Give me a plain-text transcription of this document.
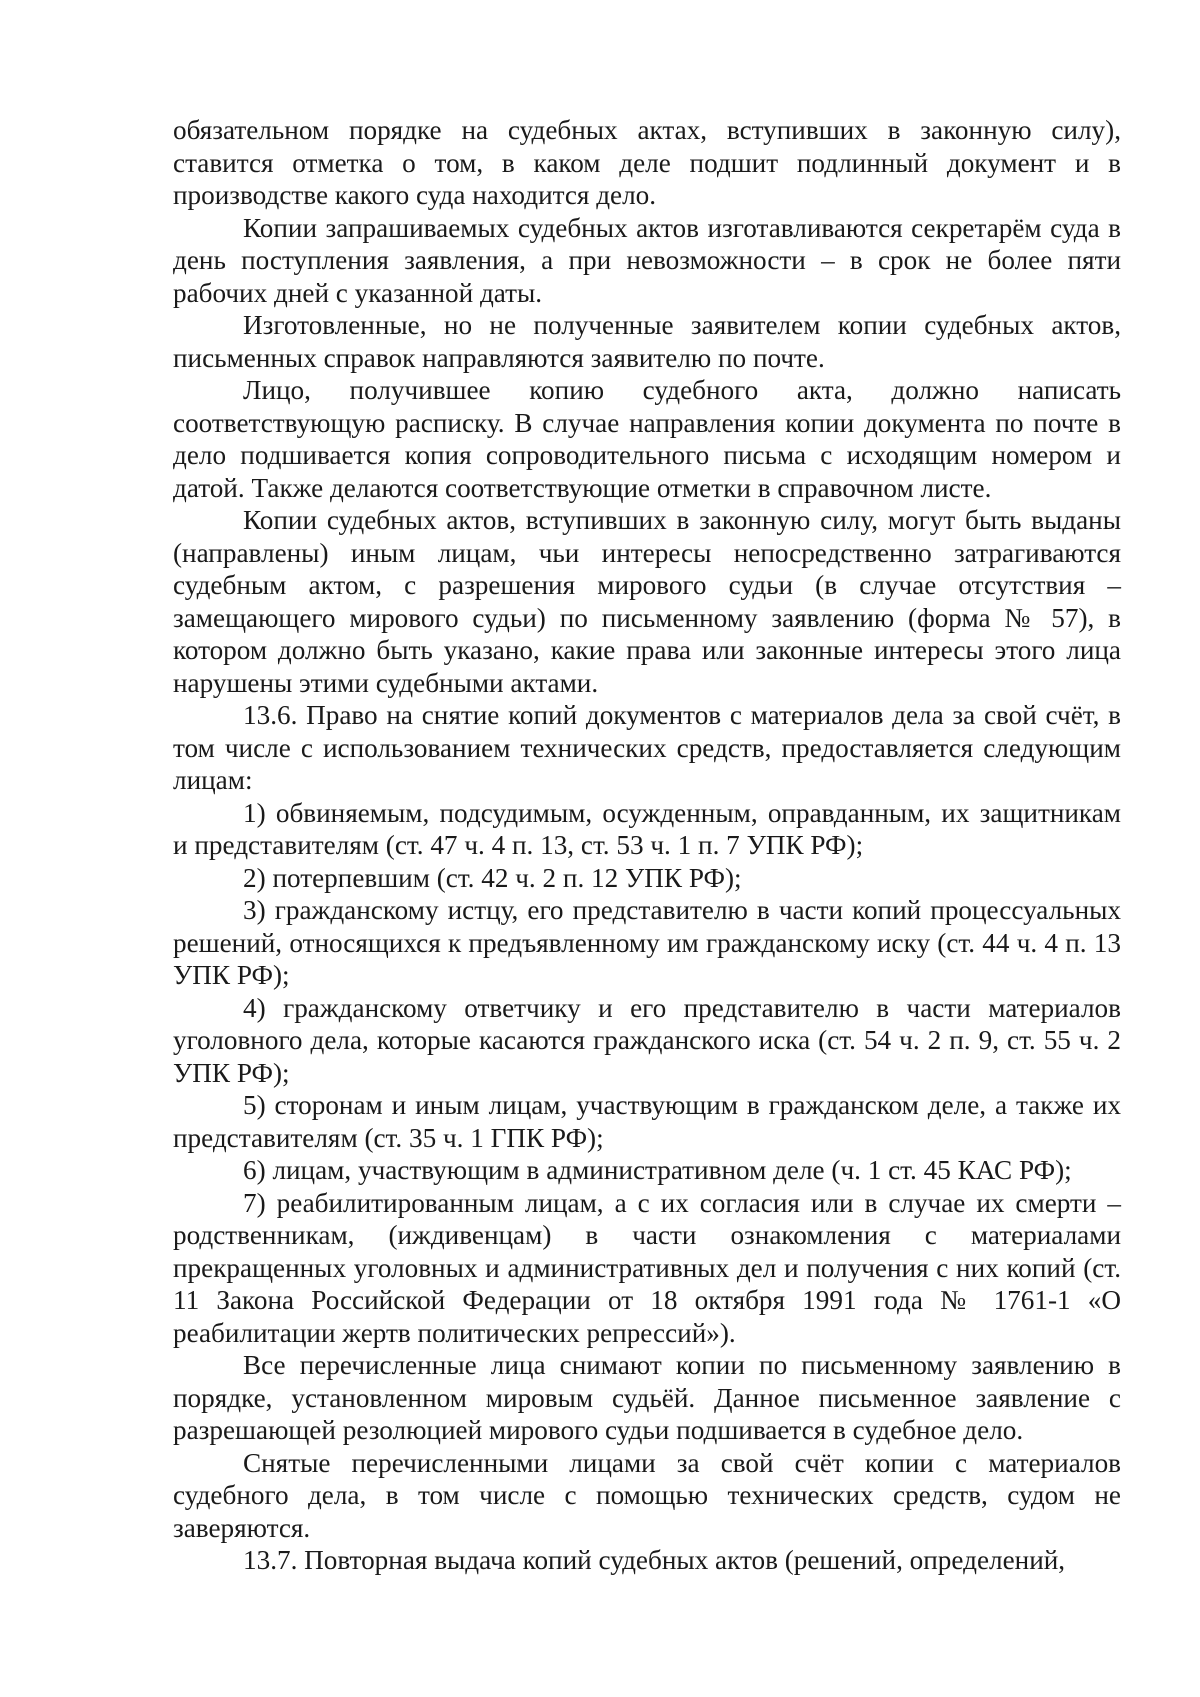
обязательном порядке на судебных актах, вступивших в законную силу), ставится отметка о том, в каком деле подшит подлинный документ и в производстве какого суда находится дело.

Копии запрашиваемых судебных актов изготавливаются секретарём суда в день поступления заявления, а при невозможности – в срок не более пяти рабочих дней с указанной даты.

Изготовленные, но не полученные заявителем копии судебных актов, письменных справок направляются заявителю по почте.

Лицо, получившее копию судебного акта, должно написать соответствующую расписку. В случае направления копии документа по почте в дело подшивается копия сопроводительного письма с исходящим номером и датой. Также делаются соответствующие отметки в справочном листе.

Копии судебных актов, вступивших в законную силу, могут быть выданы (направлены) иным лицам, чьи интересы непосредственно затрагиваются судебным актом, с разрешения мирового судьи (в случае отсутствия – замещающего мирового судьи) по письменному заявлению (форма № 57), в котором должно быть указано, какие права или законные интересы этого лица нарушены этими судебными актами.

13.6. Право на снятие копий документов с материалов дела за свой счёт, в том числе с использованием технических средств, предоставляется следующим лицам:

1) обвиняемым, подсудимым, осужденным, оправданным, их защитникам и представителям (ст. 47 ч. 4 п. 13, ст. 53 ч. 1 п. 7 УПК РФ);

2) потерпевшим (ст. 42 ч. 2 п. 12 УПК РФ);

3) гражданскому истцу, его представителю в части копий процессуальных решений, относящихся к предъявленному им гражданскому иску (ст. 44 ч. 4 п. 13 УПК РФ);

4) гражданскому ответчику и его представителю в части материалов уголовного дела, которые касаются гражданского иска (ст. 54 ч. 2 п. 9, ст. 55 ч. 2 УПК РФ);

5) сторонам и иным лицам, участвующим в гражданском деле, а также их представителям (ст. 35 ч. 1 ГПК РФ);

6) лицам, участвующим в административном деле (ч. 1 ст. 45 КАС РФ);

7) реабилитированным лицам, а с их согласия или в случае их смерти – родственникам, (иждивенцам) в части ознакомления с материалами прекращенных уголовных и административных дел и получения с них копий (ст. 11 Закона Российской Федерации от 18 октября 1991 года № 1761-1 «О реабилитации жертв политических репрессий»).

Все перечисленные лица снимают копии по письменному заявлению в порядке, установленном мировым судьёй. Данное письменное заявление с разрешающей резолюцией мирового судьи подшивается в судебное дело.

Снятые перечисленными лицами за свой счёт копии с материалов судебного дела, в том числе с помощью технических средств, судом не заверяются.

13.7. Повторная выдача копий судебных актов (решений, определений,
